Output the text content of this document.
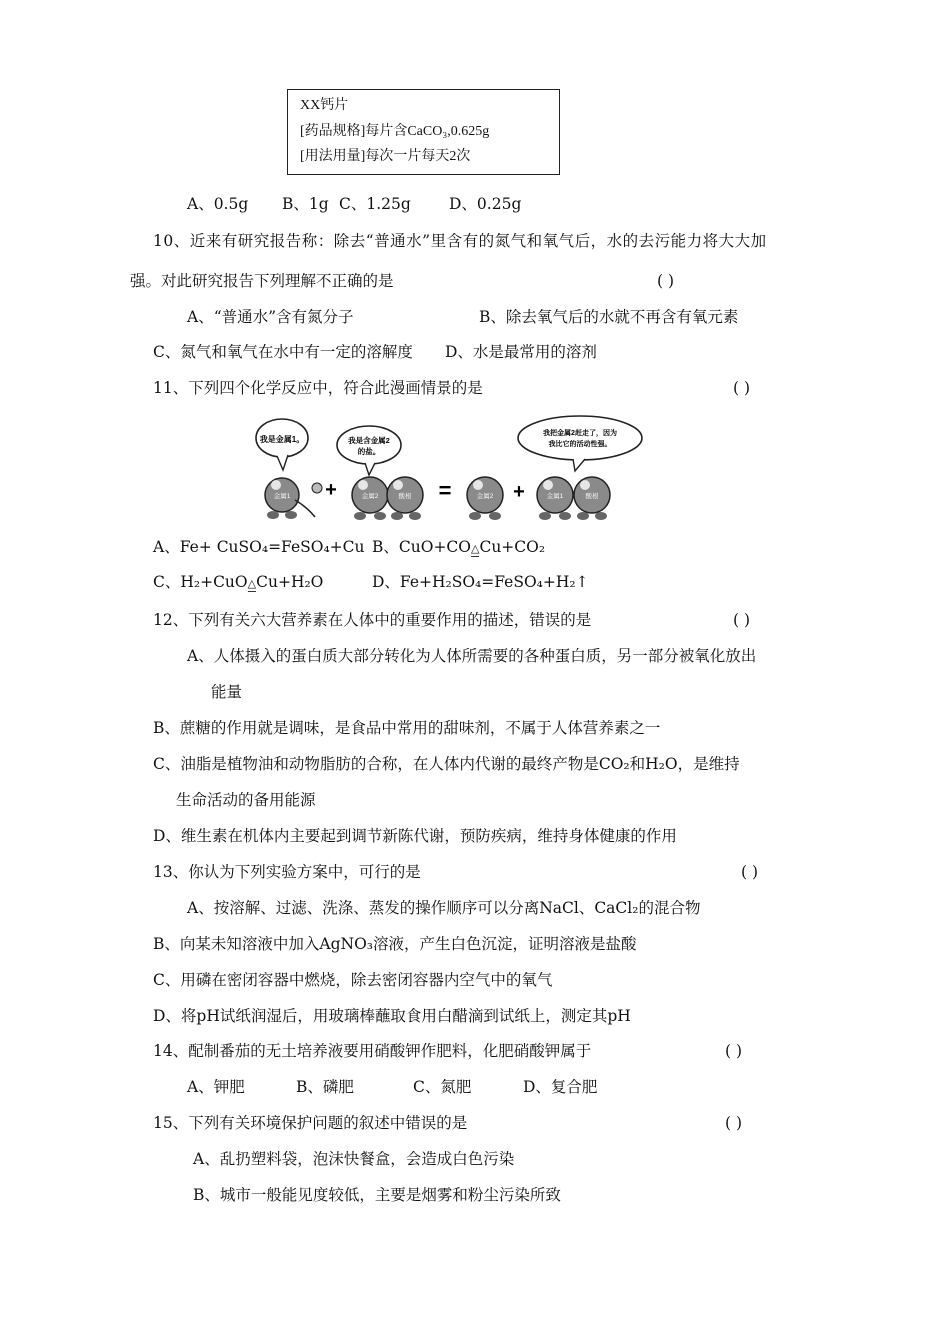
XX钙片
[药品规格]每片含CaCO₃,0.625g
[用法用量]每次一片每天2次
A、0.5g B、1g C、1.25g D、0.25g
10、近来有研究报告称：除去“普通水”里含有的氮气和氧气后，水的去污能力将大大加
强。对此研究报告下列理解不正确的是	( )
A、“普通水”含有氮分子	B、除去氧气后的水就不再含有氧元素
C、氮气和氧气在水中有一定的溶解度 D、水是最常用的溶剂
11、下列四个化学反应中，符合此漫画情景的是	( )
我是金属1。	我是含金属2
的盐。
我把金属2赶走了，因为
我比它的活动性强。
金属1 +	金属2	酸根 =	金属2 +	金属1	酸根
A、Fe+ CuSO₄=FeSO₄+Cu B、CuO+CO△Cu+CO₂
C、H₂+CuO△Cu+H₂O	D、Fe+H₂SO₄=FeSO₄+H₂↑
12、下列有关六大营养素在人体中的重要作用的描述，错误的是	( )
A、人体摄入的蛋白质大部分转化为人体所需要的各种蛋白质，另一部分被氧化放出
能量
B、蔗糖的作用就是调味，是食品中常用的甜味剂，不属于人体营养素之一
C、油脂是植物油和动物脂肪的合称，在人体内代谢的最终产物是CO₂和H₂O，是维持
生命活动的备用能源
D、维生素在机体内主要起到调节新陈代谢，预防疾病，维持身体健康的作用
13、你认为下列实验方案中，可行的是	( )
A、按溶解、过滤、洗涤、蒸发的操作顺序可以分离NaCl、CaCl₂的混合物
B、向某未知溶液中加入AgNO₃溶液，产生白色沉淀，证明溶液是盐酸
C、用磷在密闭容器中燃烧，除去密闭容器内空气中的氧气
D、将pH试纸润湿后，用玻璃棒蘸取食用白醋滴到试纸上，测定其pH
14、配制番茄的无土培养液要用硝酸钾作肥料，化肥硝酸钾属于	( )
A、钾肥	B、磷肥	C、氮肥	D、复合肥
15、下列有关环境保护问题的叙述中错误的是	( )
A、乱扔塑料袋，泡沫快餐盒，会造成白色污染
B、城市一般能见度较低，主要是烟雾和粉尘污染所致
